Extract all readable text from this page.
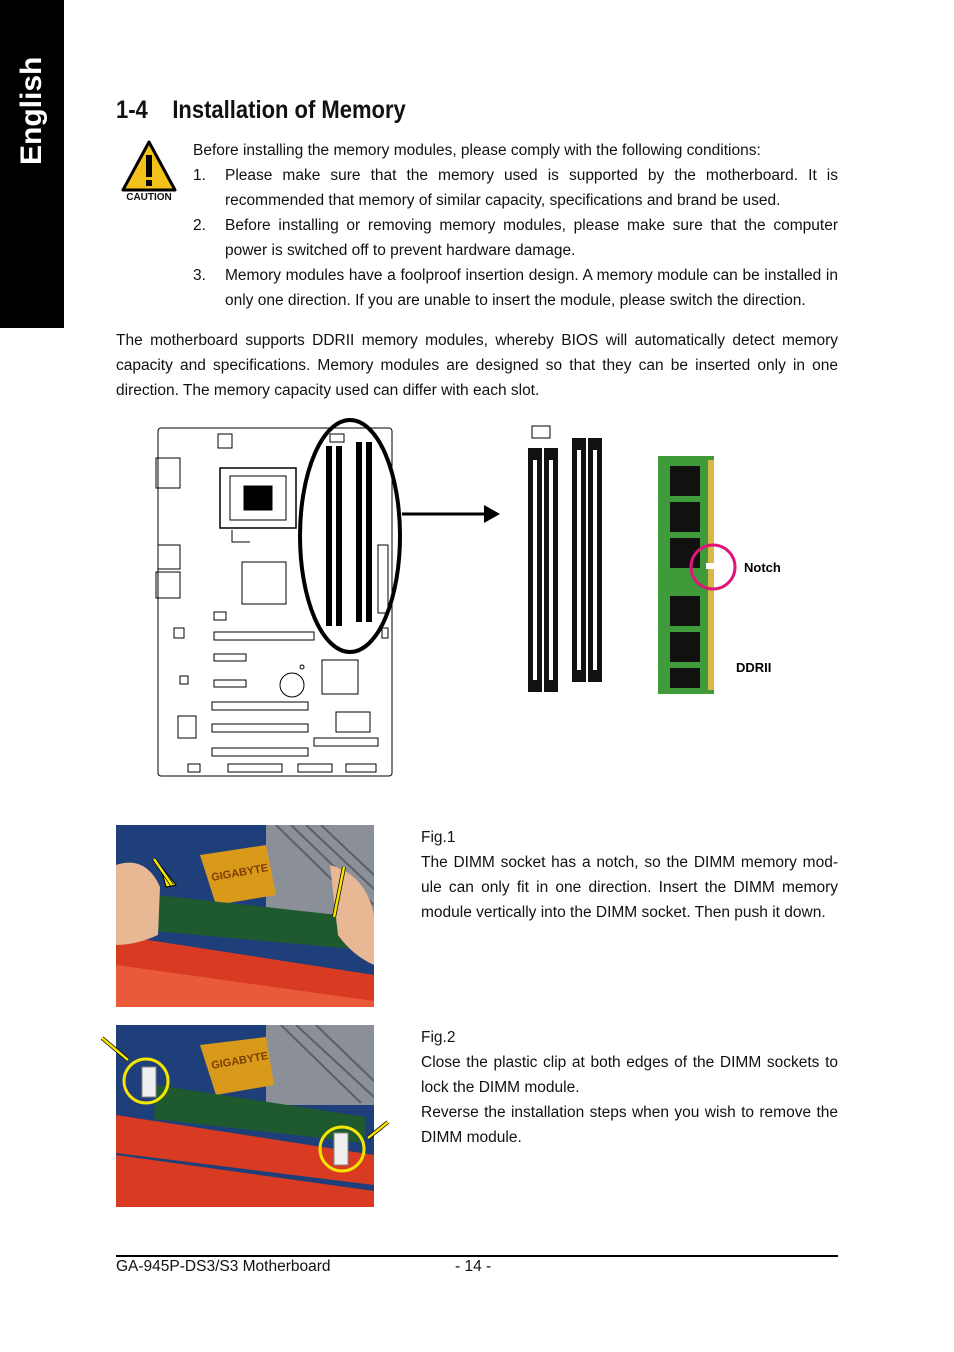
English	1-4 Installation of Memory
CAUTION
Before installing the memory modules, please comply with the following conditions:
1. Please make sure that the memory used is supported by the motherboard. It is recommended that memory of similar capacity, specifications and brand be used.
2. Before installing or removing memory modules, please make sure that the computer power is switched off to prevent hardware damage.
3. Memory modules have a foolproof insertion design. A memory module can be installed in only one direction. If you are unable to insert the module, please switch the direction.
The motherboard supports DDRII memory modules, whereby BIOS will automatically detect memory capacity and specifications. Memory modules are designed so that they can be inserted only in one direction. The memory capacity used can differ with each slot.
Notch
DDRII
GIGABYTE
Fig.1
The DIMM socket has a notch, so the DIMM memory mod-ule can only fit in one direction. Insert the DIMM memory module vertically into the DIMM socket. Then push it down.
GIGABYTE
Fig.2
Close the plastic clip at both edges of the DIMM sockets to lock the DIMM module.
Reverse the installation steps when you wish to remove the DIMM module.
GA-945P-DS3/S3 Motherboard	- 14 -
